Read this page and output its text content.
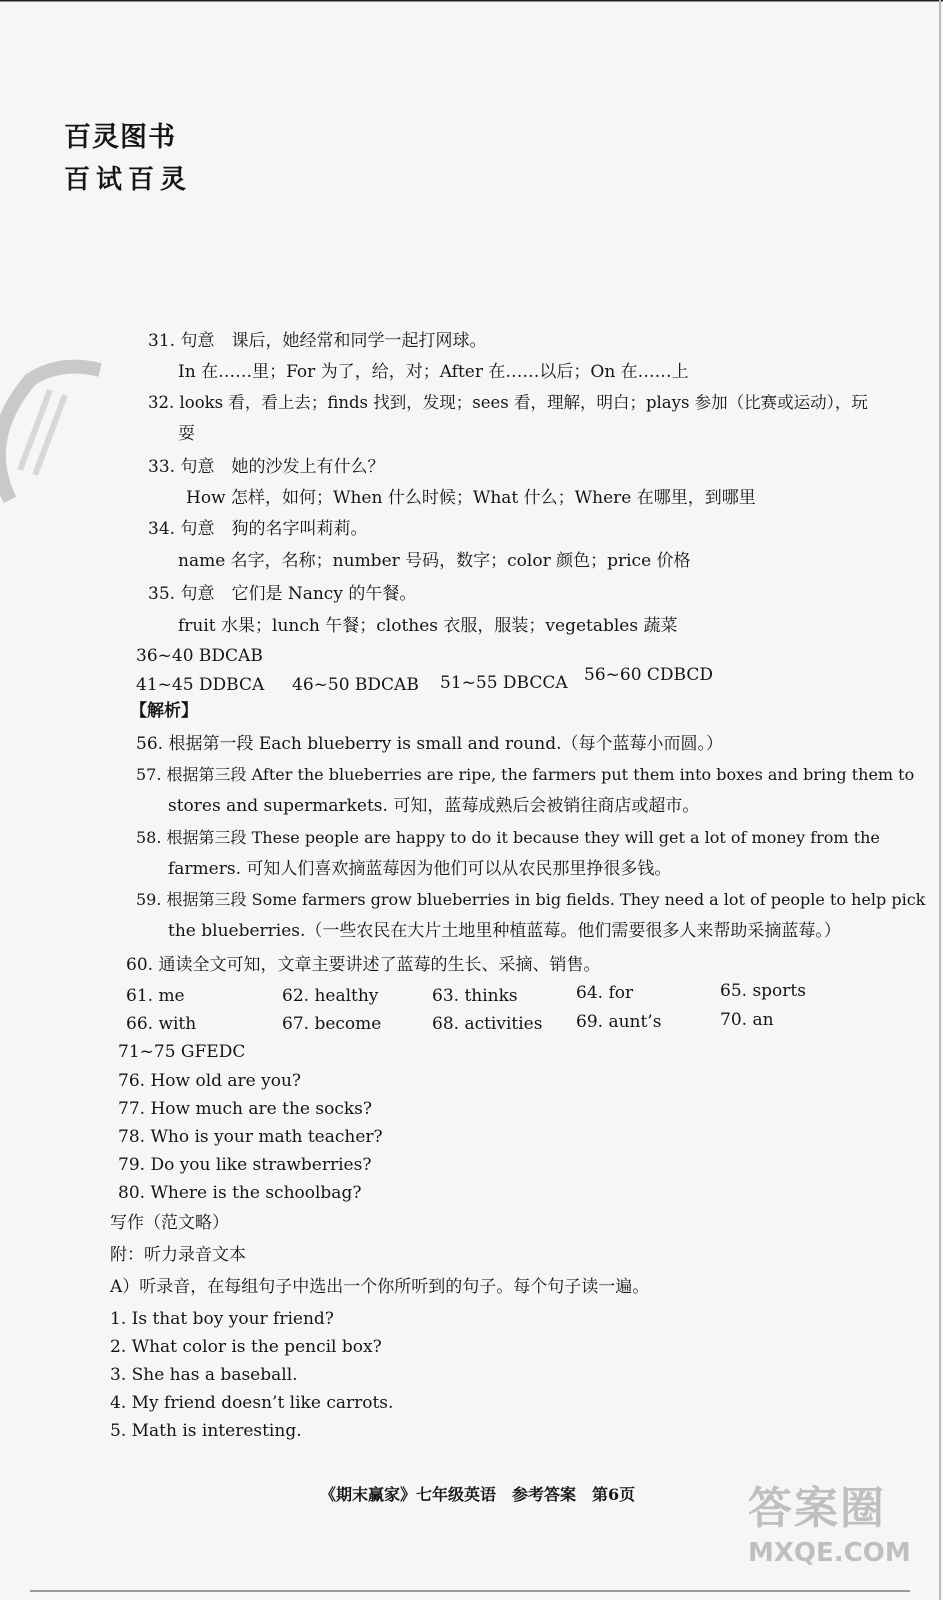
百灵图书
百试百灵
31. 句意　课后，她经常和同学一起打网球。
In 在……里；For 为了，给，对；After 在……以后；On 在……上
32. looks 看，看上去；finds 找到，发现；sees 看，理解，明白；plays 参加（比赛或运动），玩
耍
33. 句意　她的沙发上有什么？
How 怎样，如何；When 什么时候；What 什么；Where 在哪里，到哪里
34. 句意　狗的名字叫莉莉。
name 名字，名称；number 号码，数字；color 颜色；price 价格
35. 句意　它们是 Nancy 的午餐。
fruit 水果；lunch 午餐；clothes 衣服，服装；vegetables 蔬菜
36~40 BDCAB
41~45 DDBCA 46~50 BDCAB 51~55 DBCCA 56~60 CDBCD
【解析】
56. 根据第一段 Each blueberry is small and round.（每个蓝莓小而圆。）
57. 根据第三段 After the blueberries are ripe, the farmers put them into boxes and bring them to
stores and supermarkets. 可知，蓝莓成熟后会被销往商店或超市。
58. 根据第三段 These people are happy to do it because they will get a lot of money from the
farmers. 可知人们喜欢摘蓝莓因为他们可以从农民那里挣很多钱。
59. 根据第三段 Some farmers grow blueberries in big fields. They need a lot of people to help pick
the blueberries.（一些农民在大片土地里种植蓝莓。他们需要很多人来帮助采摘蓝莓。）
60. 通读全文可知，文章主要讲述了蓝莓的生长、采摘、销售。
61. me	62. healthy	63. thinks	64. for	65. sports
66. with	67. become	68. activities 69. aunt’s	70. an
71~75 GFEDC
76. How old are you?
77. How much are the socks?
78. Who is your math teacher?
79. Do you like strawberries?
80. Where is the schoolbag?
写作（范文略）
附：听力录音文本
A）听录音，在每组句子中选出一个你所听到的句子。每个句子读一遍。
1. Is that boy your friend?
2. What color is the pencil box?
3. She has a baseball.
4. My friend doesn’t like carrots.
5. Math is interesting.
《期末赢家》七年级英语　参考答案　第6页	答案圈
MXQE.COM
